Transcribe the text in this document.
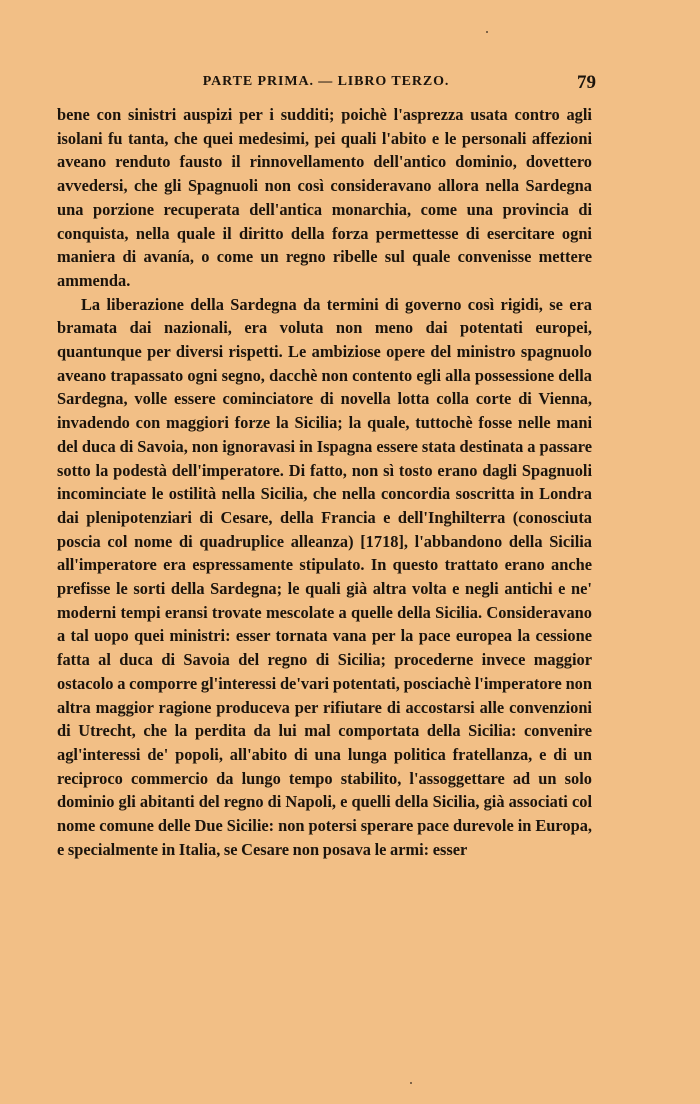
PARTE PRIMA. — LIBRO TERZO.	79

bene con sinistri auspizi per i sudditi; poichè l'asprezza usata contro agli isolani fu tanta, che quei medesimi, pei quali l'abito e le personali affezioni aveano renduto fausto il rinnovellamento dell'antico dominio, dovettero avvedersi, che gli Spagnuoli non così consideravano allora nella Sardegna una porzione recuperata dell'antica monarchia, come una provincia di conquista, nella quale il diritto della forza permettesse di esercitare ogni maniera di avanía, o come un regno ribelle sul quale convenisse mettere ammenda.

La liberazione della Sardegna da termini di governo così rigidi, se era bramata dai nazionali, era voluta non meno dai potentati europei, quantunque per diversi rispetti. Le ambiziose opere del ministro spagnuolo aveano trapassato ogni segno, dacchè non contento egli alla possessione della Sardegna, volle essere cominciatore di novella lotta colla corte di Vienna, invadendo con maggiori forze la Sicilia; la quale, tuttochè fosse nelle mani del duca di Savoia, non ignoravasi in Ispagna essere stata destinata a passare sotto la podestà dell'imperatore. Di fatto, non sì tosto erano dagli Spagnuoli incominciate le ostilità nella Sicilia, che nella concordia soscritta in Londra dai plenipotenziari di Cesare, della Francia e dell'Inghilterra (conosciuta poscia col nome di quadruplice alleanza) [1718], l'abbandono della Sicilia all'imperatore era espressamente stipulato. In questo trattato erano anche prefisse le sorti della Sardegna; le quali già altra volta e negli antichi e ne' moderni tempi eransi trovate mescolate a quelle della Sicilia. Consideravano a tal uopo quei ministri: esser tornata vana per la pace europea la cessione fatta al duca di Savoia del regno di Sicilia; procederne invece maggior ostacolo a comporre gl'interessi de'vari potentati, posciachè l'imperatore non altra maggior ragione produceva per rifiutare di accostarsi alle convenzioni di Utrecht, che la perdita da lui mal comportata della Sicilia: convenire agl'interessi de' popoli, all'abito di una lunga politica fratellanza, e di un reciproco commercio da lungo tempo stabilito, l'assoggettare ad un solo dominio gli abitanti del regno di Napoli, e quelli della Sicilia, già associati col nome comune delle Due Sicilie: non potersi sperare pace durevole in Europa, e specialmente in Italia, se Cesare non posava le armi: esser
